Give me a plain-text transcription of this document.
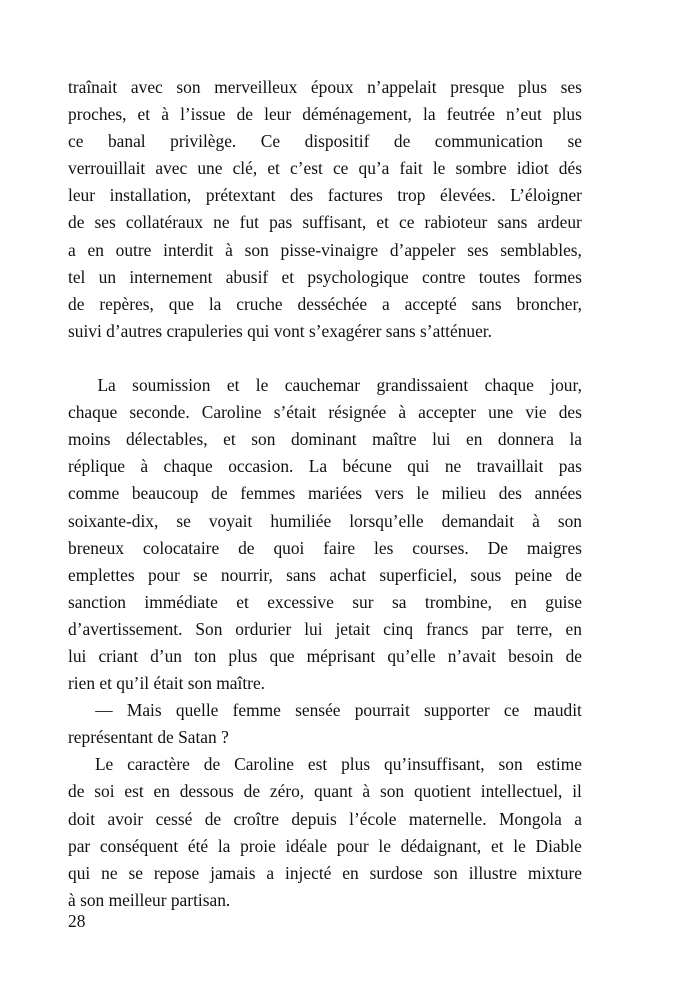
traînait avec son merveilleux époux n’appelait presque plus ses
proches, et à l’issue de leur déménagement, la feutrée n’eut plus
ce banal privilège. Ce dispositif de communication se
verrouillait avec une clé, et c’est ce qu’a fait le sombre idiot dés
leur installation, prétextant des factures trop élevées. L’éloigner
de ses collatéraux ne fut pas suffisant, et ce rabioteur sans ardeur
a en outre interdit à son pisse-vinaigre d’appeler ses semblables,
tel un internement abusif et psychologique contre toutes formes
de repères, que la cruche desséchée a accepté sans broncher,
suivi d’autres crapuleries qui vont s’exagérer sans s’atténuer.

La soumission et le cauchemar grandissaient chaque jour,
chaque seconde. Caroline s’était résignée à accepter une vie des
moins délectables, et son dominant maître lui en donnera la
réplique à chaque occasion. La bécune qui ne travaillait pas
comme beaucoup de femmes mariées vers le milieu des années
soixante-dix, se voyait humiliée lorsqu’elle demandait à son
breneux colocataire de quoi faire les courses. De maigres
emplettes pour se nourrir, sans achat superficiel, sous peine de
sanction immédiate et excessive sur sa trombine, en guise
d’avertissement. Son ordurier lui jetait cinq francs par terre, en
lui criant d’un ton plus que méprisant qu’elle n’avait besoin de
rien et qu’il était son maître.

— Mais quelle femme sensée pourrait supporter ce maudit
représentant de Satan ?

Le caractère de Caroline est plus qu’insuffisant, son estime
de soi est en dessous de zéro, quant à son quotient intellectuel, il
doit avoir cessé de croître depuis l’école maternelle. Mongola a
par conséquent été la proie idéale pour le dédaignant, et le Diable
qui ne se repose jamais a injecté en surdose son illustre mixture
à son meilleur partisan.
28
